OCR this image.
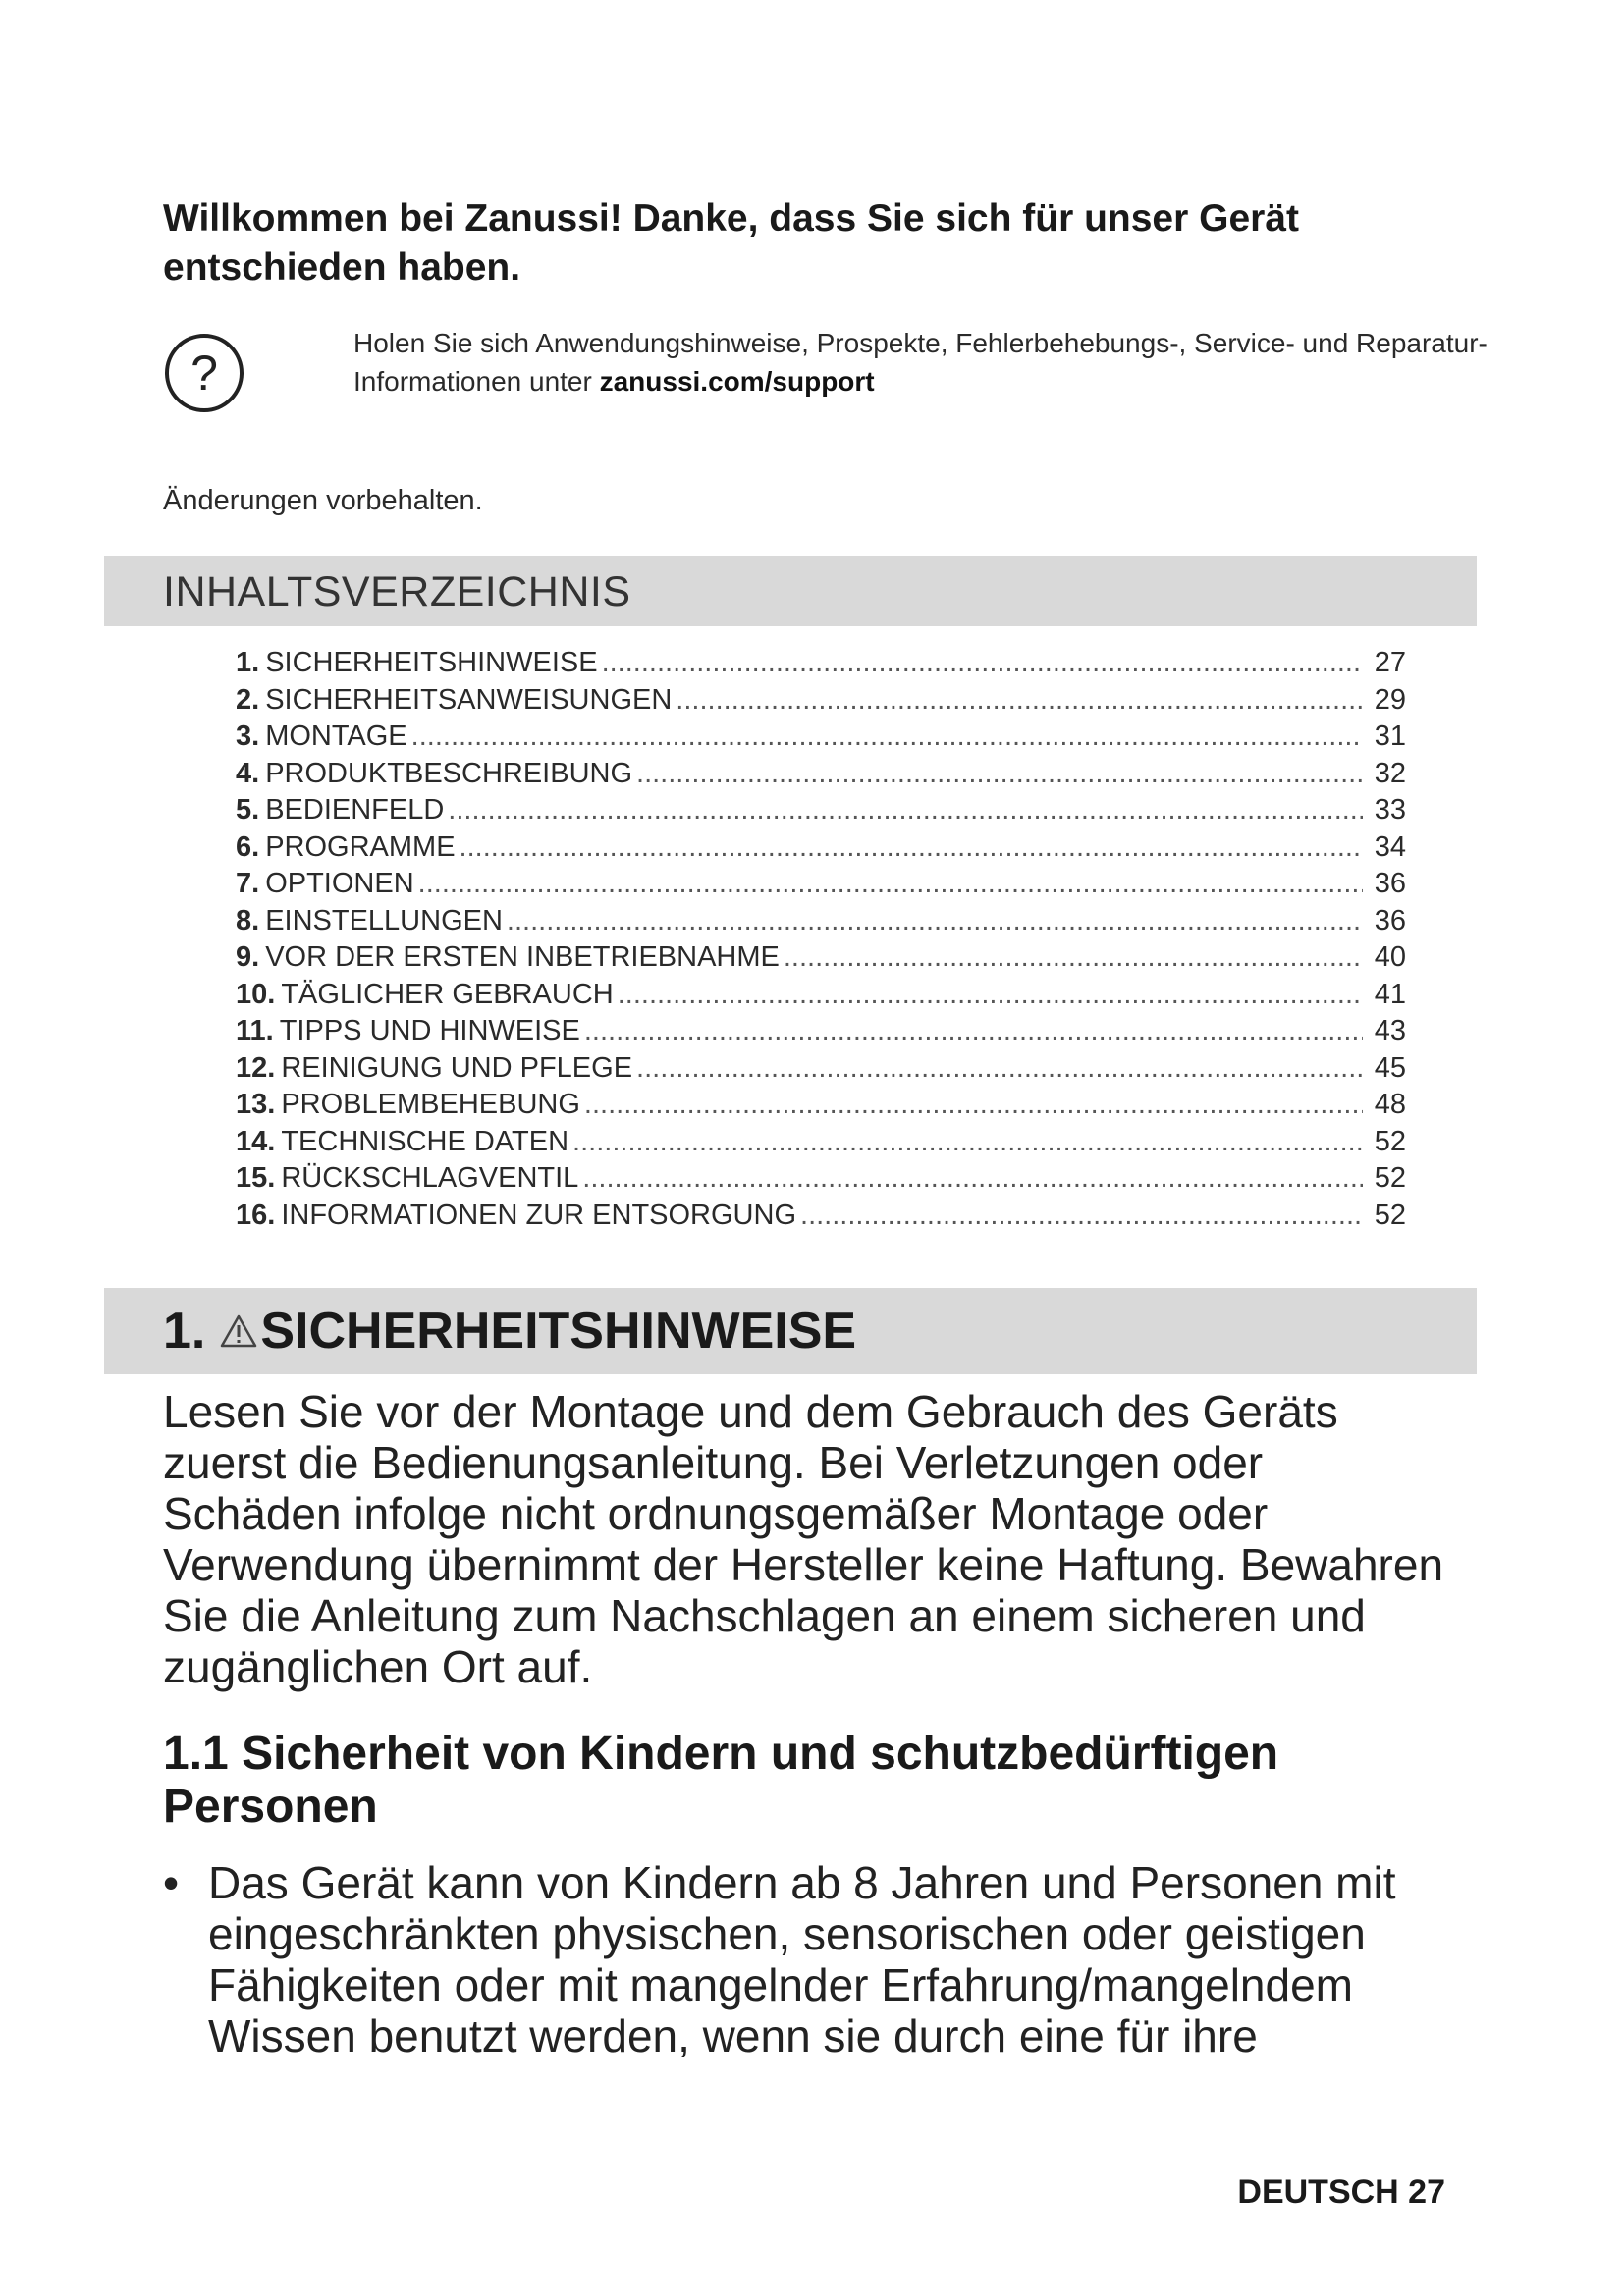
Willkommen bei Zanussi! Danke, dass Sie sich für unser Gerät entschieden haben.
?
Holen Sie sich Anwendungshinweise, Prospekte, Fehlerbehebungs-, Service- und Reparatur-Informationen unter zanussi.com/support
Änderungen vorbehalten.
INHALTSVERZEICHNIS
1. SICHERHEITSHINWEISE .....	27
2. SICHERHEITSANWEISUNGEN .....	29
3. MONTAGE .....	31
4. PRODUKTBESCHREIBUNG .....	32
5. BEDIENFELD .....	33
6. PROGRAMME .....	34
7. OPTIONEN .....	36
8. EINSTELLUNGEN .....	36
9. VOR DER ERSTEN INBETRIEBNAHME .....	40
10. TÄGLICHER GEBRAUCH .....	41
11. TIPPS UND HINWEISE .....	43
12. REINIGUNG UND PFLEGE .....	45
13. PROBLEMBEHEBUNG .....	48
14. TECHNISCHE DATEN .....	52
15. RÜCKSCHLAGVENTIL .....	52
16. INFORMATIONEN ZUR ENTSORGUNG .....	52
1. SICHERHEITSHINWEISE

Lesen Sie vor der Montage und dem Gebrauch des Geräts zuerst die Bedienungsanleitung. Bei Verletzungen oder Schäden infolge nicht ordnungsgemäßer Montage oder Verwendung übernimmt der Hersteller keine Haftung. Bewahren Sie die Anleitung zum Nachschlagen an einem sicheren und zugänglichen Ort auf.

1.1 Sicherheit von Kindern und schutzbedürftigen Personen
• Das Gerät kann von Kindern ab 8 Jahren und Personen mit eingeschränkten physischen, sensorischen oder geistigen Fähigkeiten oder mit mangelnder Erfahrung/mangelndem Wissen benutzt werden, wenn sie durch eine für ihre
DEUTSCH 27
